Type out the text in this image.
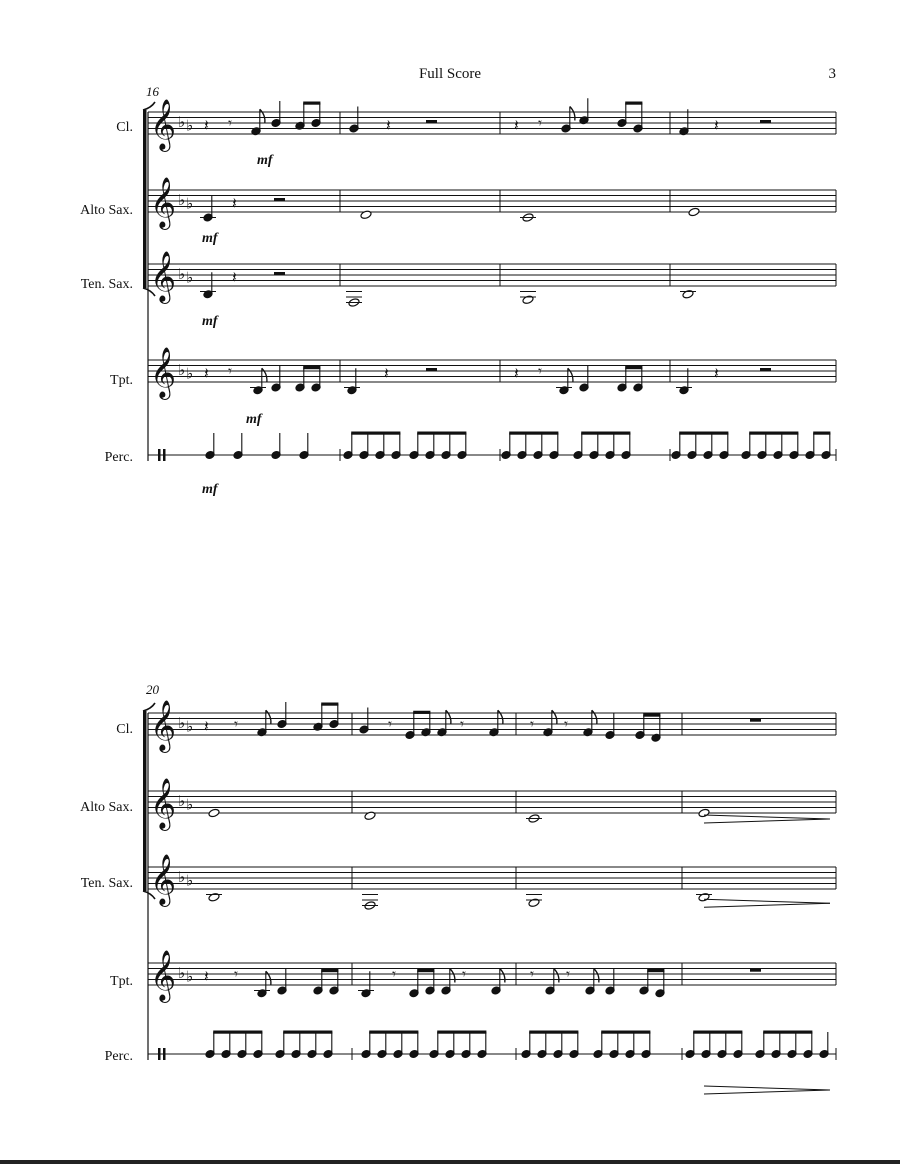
Full Score	3
16
Cl.
Alto Sax.
Ten. Sax.
Tpt.
Perc.
mf
mf
mf
mf
mf
𝄞 ♭ ♭
𝄞 ♭ ♭
𝄞 ♭ ♭
𝄞 ♭ ♭
𝄽 𝄾	𝄽	𝄽 𝄾	𝄽
𝄽
𝄽
𝄽 𝄾	𝄽	𝄽 𝄾	𝄽
20
Cl.
Alto Sax.
Ten. Sax.
Tpt.
Perc.
𝄞 ♭ ♭
𝄞 ♭ ♭
𝄞 ♭ ♭
𝄞 ♭ ♭
𝄽 𝄾	𝄾	𝄾	𝄾 𝄾
𝄽 𝄾	𝄾	𝄾	𝄾 𝄾
